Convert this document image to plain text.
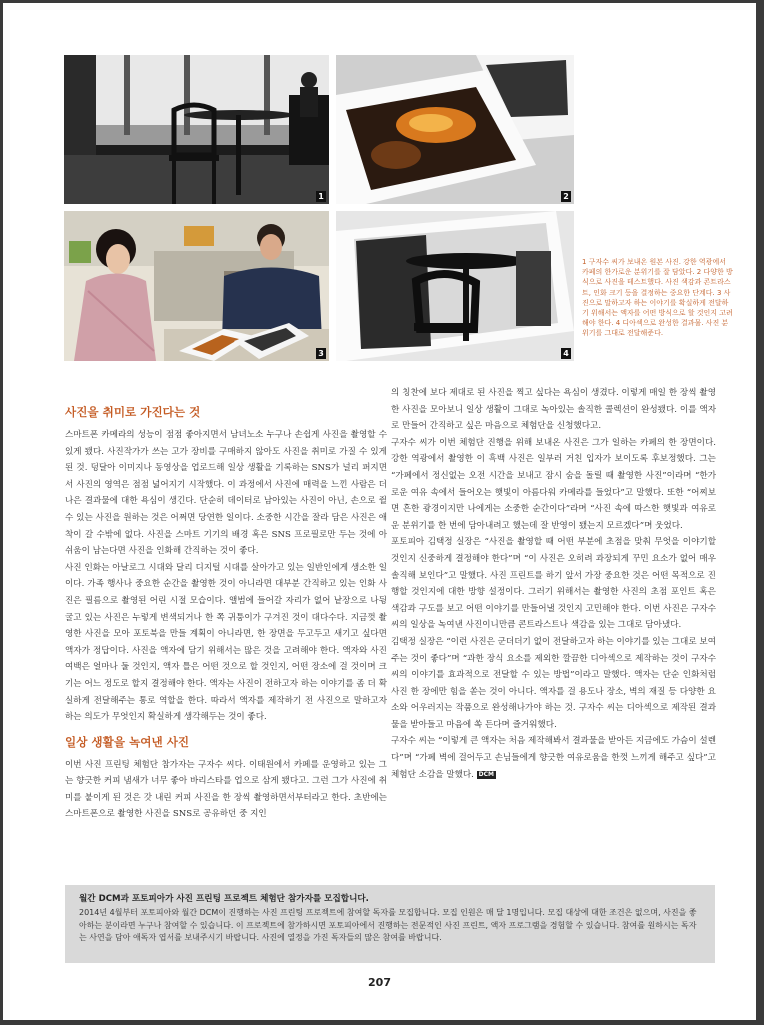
1	2
3	4
1 구자수 씨가 보내온 원본 사진. 강한 역광에서 카페의 한가로운 분위기를 잘 담았다. 2 다양한 방식으로 사진을 테스트했다. 사진 색감과 콘트라스트, 인화 크기 등을 결정하는 중요한 단계다. 3 사진으로 말하고자 하는 이야기를 확실하게 전달하기 위해서는 액자를 어떤 방식으로 할 것인지 고려해야 한다. 4 디아섹으로 완성한 결과물. 사진 분위기를 그대로 전달해준다.
사진을 취미로 가진다는 것

스마트폰 카메라의 성능이 점점 좋아지면서 남녀노소 누구나 손쉽게 사진을 촬영할 수 있게 됐다. 사진작가가 쓰는 고가 장비를 구매하지 않아도 사진을 취미로 가질 수 있게 된 것. 덩달아 이미지나 동영상을 업로드해 일상 생활을 기록하는 SNS가 널리 퍼지면서 사진의 영역은 점점 넓어지기 시작했다. 이 과정에서 사진에 매력을 느낀 사람은 더 나은 결과물에 대한 욕심이 생긴다. 단순히 데이터로 남아있는 사진이 아닌, 손으로 쥘 수 있는 사진을 원하는 것은 어쩌면 당연한 일이다. 소중한 시간을 잘라 담은 사진은 애착이 갈 수밖에 없다. 사진을 스마트 기기의 배경 혹은 SNS 프로필로만 두는 것에 아쉬움이 남는다면 사진을 인화해 간직하는 것이 좋다.

사진 인화는 아날로그 시대와 달리 디지털 시대를 살아가고 있는 일반인에게 생소한 일이다. 가족 행사나 중요한 순간을 촬영한 것이 아니라면 대부분 간직하고 있는 인화 사진은 필름으로 촬영된 어린 시절 모습이다. 앨범에 들어갈 자리가 없어 낱장으로 나뒹굴고 있는 사진은 누렇게 변색되거나 한 쪽 귀퉁이가 구겨진 것이 대다수다. 지금껏 촬영한 사진을 모아 포토북을 만들 계획이 아니라면, 한 장면을 두고두고 새기고 싶다면 액자가 정답이다. 사진을 액자에 담기 위해서는 많은 것을 고려해야 한다. 액자와 사진 여백은 얼마나 둘 것인지, 액자 틀은 어떤 것으로 할 것인지, 어떤 장소에 걸 것이며 크기는 어느 정도로 할지 결정해야 한다. 액자는 사진이 전하고자 하는 이야기를 좀 더 확실하게 전달해주는 통로 역할을 한다. 따라서 액자를 제작하기 전 사진으로 말하고자 하는 의도가 무엇인지 확실하게 생각해두는 것이 좋다.

일상 생활을 녹여낸 사진

이번 사진 프린팅 체험단 참가자는 구자수 씨다. 이태원에서 카페를 운영하고 있는 그는 향긋한 커피 냄새가 너무 좋아 바리스타를 업으로 삼게 됐다고. 그런 그가 사진에 취미를 붙이게 된 것은 갓 내린 커피 사진을 한 장씩 촬영하면서부터라고 한다. 초반에는 스마트폰으로 촬영한 사진을 SNS로 공유하던 중 지인

의 칭찬에 보다 제대로 된 사진을 찍고 싶다는 욕심이 생겼다. 이렇게 매일 한 장씩 촬영한 사진을 모아보니 일상 생활이 그대로 녹아있는 솔직한 콜렉션이 완성됐다. 이를 액자로 만들어 간직하고 싶은 마음으로 체험단을 신청했다고.

구자수 씨가 이번 체험단 진행을 위해 보내온 사진은 그가 일하는 카페의 한 장면이다. 강한 역광에서 촬영한 이 흑백 사진은 일부러 거친 입자가 보이도록 후보정했다. 그는 “가페에서 정신없는 오전 시간을 보내고 잠시 숨을 돌릴 때 촬영한 사진”이라며 “한가로운 여유 속에서 들어오는 햇빛이 아름다워 카메라를 들었다”고 말했다. 또한 “어찌보면 흔한 광경이지만 나에게는 소중한 순간이다”라며 “사진 속에 따스한 햇빛과 여유로운 분위기를 한 번에 담아내려고 했는데 잘 반영이 됐는지 모르겠다”며 웃었다.

포토피아 김택정 실장은 “사진을 촬영할 때 어떤 부분에 초점을 맞춰 무엇을 이야기할 것인지 신중하게 결정해야 한다”며 “이 사진은 오히려 과장되게 꾸민 요소가 없어 매우 솔직해 보인다”고 말했다. 사진 프린트를 하기 앞서 가장 중요한 것은 어떤 목적으로 진행할 것인지에 대한 방향 설정이다. 그러기 위해서는 촬영한 사진의 초점 포인트 혹은 색감과 구도를 보고 어떤 이야기를 만들어낼 것인지 고민해야 한다. 이번 사진은 구자수 씨의 일상을 녹여낸 사진이니만큼 콘트라스트나 색감을 있는 그대로 담아냈다.

김택정 실장은 “이런 사진은 군더더기 없이 전달하고자 하는 이야기를 있는 그대로 보여주는 것이 좋다”며 “과한 장식 요소를 제외한 깔끔한 디아섹으로 제작하는 것이 구자수 씨의 이야기를 효과적으로 전달할 수 있는 방법”이라고 말했다. 액자는 단순 인화처럼 사진 한 장에만 힘을 쏟는 것이 아니다. 액자를 걸 용도나 장소, 벽의 재질 등 다양한 요소와 어우러지는 작품으로 완성해나가야 하는 것. 구자수 씨는 디아섹으로 제작된 결과물을 받아들고 마음에 쏙 든다며 즐거워했다.

구자수 씨는 “이렇게 큰 액자는 처음 제작해봐서 결과물을 받아든 지금에도 가슴이 설렌다”며 “가페 벽에 걸어두고 손님들에게 향긋한 여유로움을 한껏 느끼게 해주고 싶다”고 체험단 소감을 말했다. DCM

월간 DCM과 포토피아가 사진 프린팅 프로젝트 체험단 참가자를 모집합니다.
2014년 4월부터 포토피아와 월간 DCM이 진행하는 사진 프린팅 프로젝트에 참여할 독자를 모집합니다. 모집 인원은 매 달 1명입니다. 모집 대상에 대한 조건은 없으며, 사진을 좋아하는 분이라면 누구나 참여할 수 있습니다. 이 프로젝트에 참가하시면 포토피아에서 진행하는 전문적인 사진 프린트, 액자 프로그램을 경험할 수 있습니다. 참여를 원하시는 독자는 사연을 담아 애독자 엽서를 보내주시기 바랍니다. 사진에 열정을 가진 독자들의 많은 참여를 바랍니다.
207
